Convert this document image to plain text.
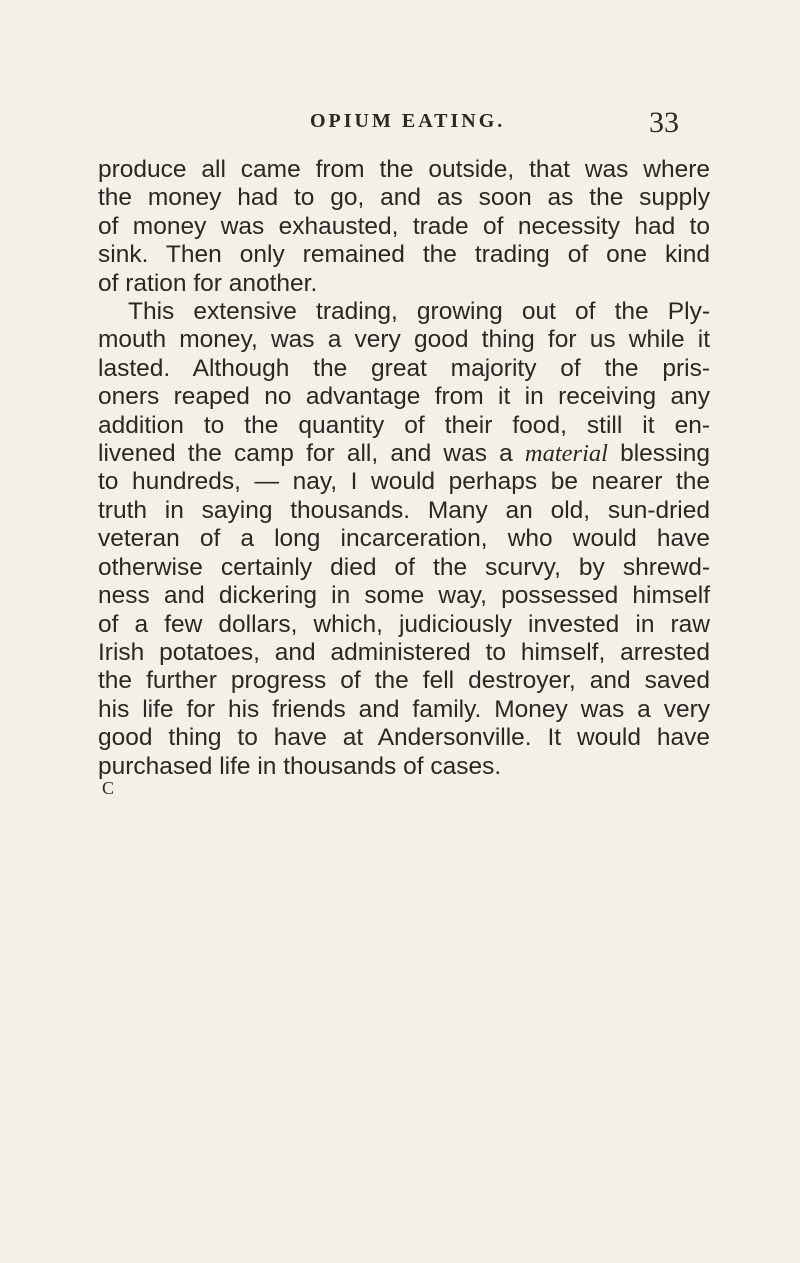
OPIUM EATING.	33
produce all came from the outside, that was where
the money had to go, and as soon as the supply
of money was exhausted, trade of necessity had to
sink. Then only remained the trading of one kind
of ration for another.
This extensive trading, growing out of the Ply-
mouth money, was a very good thing for us while it
lasted. Although the great majority of the pris-
oners reaped no advantage from it in receiving any
addition to the quantity of their food, still it en-
livened the camp for all, and was a material blessing
to hundreds, — nay, I would perhaps be nearer the
truth in saying thousands. Many an old, sun-dried
veteran of a long incarceration, who would have
otherwise certainly died of the scurvy, by shrewd-
ness and dickering in some way, possessed himself
of a few dollars, which, judiciously invested in raw
Irish potatoes, and administered to himself, arrested
the further progress of the fell destroyer, and saved
his life for his friends and family. Money was a very
good thing to have at Andersonville. It would have
purchased life in thousands of cases.
C
